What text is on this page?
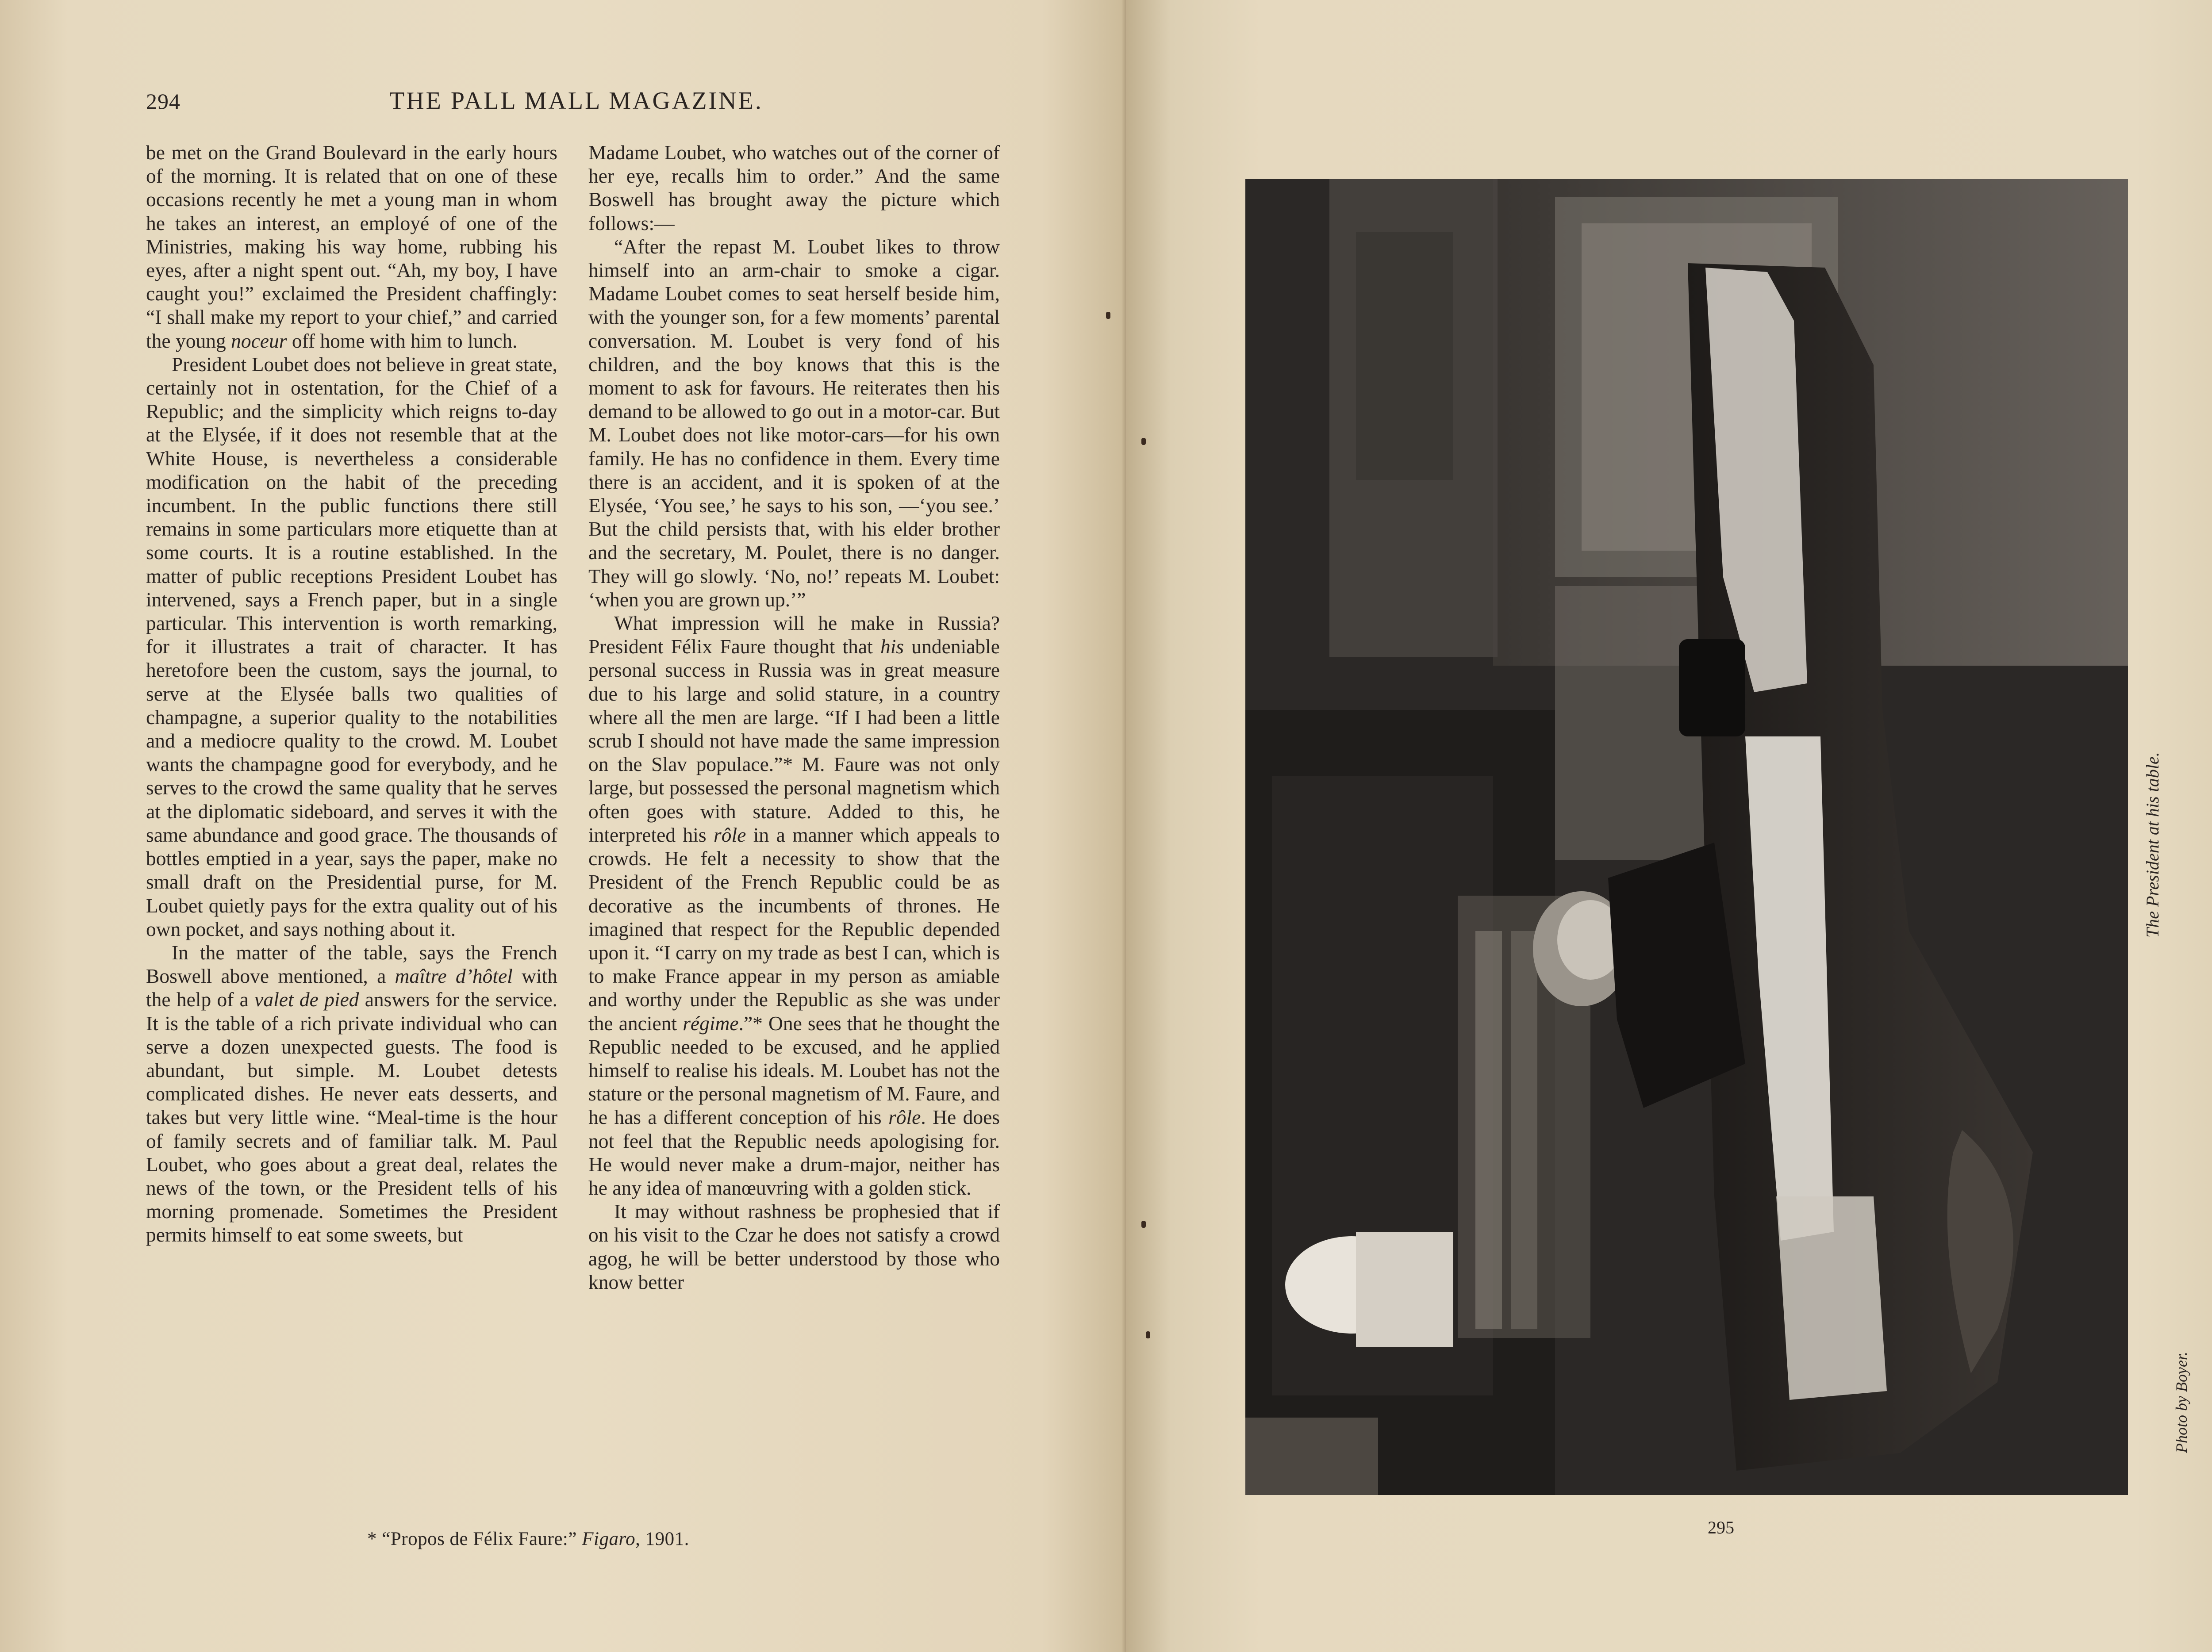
294	THE PALL MALL MAGAZINE.

be met on the Grand Boulevard in the early hours of the morning. It is related that on one of these occasions recently he met a young man in whom he takes an interest, an employé of one of the Ministries, making his way home, rubbing his eyes, after a night spent out. “Ah, my boy, I have caught you!” exclaimed the President chaffingly: “I shall make my report to your chief,” and carried the young noceur off home with him to lunch.

President Loubet does not believe in great state, certainly not in ostentation, for the Chief of a Republic; and the simplicity which reigns to-day at the Elysée, if it does not resemble that at the White House, is nevertheless a considerable modification on the habit of the preceding incumbent. In the public functions there still remains in some particulars more etiquette than at some courts. It is a routine established. In the matter of public receptions President Loubet has intervened, says a French paper, but in a single particular. This intervention is worth remarking, for it illustrates a trait of character. It has heretofore been the custom, says the journal, to serve at the Elysée balls two qualities of champagne, a superior quality to the notabilities and a mediocre quality to the crowd. M. Loubet wants the champagne good for everybody, and he serves to the crowd the same quality that he serves at the diplomatic sideboard, and serves it with the same abundance and good grace. The thousands of bottles emptied in a year, says the paper, make no small draft on the Presidential purse, for M. Loubet quietly pays for the extra quality out of his own pocket, and says nothing about it.

In the matter of the table, says the French Boswell above mentioned, a maître d’hôtel with the help of a valet de pied answers for the service. It is the table of a rich private individual who can serve a dozen unexpected guests. The food is abundant, but simple. M. Loubet detests complicated dishes. He never eats desserts, and takes but very little wine. “Meal-time is the hour of family secrets and of familiar talk. M. Paul Loubet, who goes about a great deal, relates the news of the town, or the President tells of his morning promenade. Sometimes the President permits himself to eat some sweets, but

Madame Loubet, who watches out of the corner of her eye, recalls him to order.” And the same Boswell has brought away the picture which follows:—

“After the repast M. Loubet likes to throw himself into an arm-chair to smoke a cigar. Madame Loubet comes to seat herself beside him, with the younger son, for a few moments’ parental conversation. M. Loubet is very fond of his children, and the boy knows that this is the moment to ask for favours. He reiterates then his demand to be allowed to go out in a motor-car. But M. Loubet does not like motor-cars—for his own family. He has no confidence in them. Every time there is an accident, and it is spoken of at the Elysée, ‘You see,’ he says to his son, —‘you see.’ But the child persists that, with his elder brother and the secretary, M. Poulet, there is no danger. They will go slowly. ‘No, no!’ repeats M. Loubet: ‘when you are grown up.’”

What impression will he make in Russia? President Félix Faure thought that his undeniable personal success in Russia was in great measure due to his large and solid stature, in a country where all the men are large. “If I had been a little scrub I should not have made the same impression on the Slav populace.”* M. Faure was not only large, but possessed the personal magnetism which often goes with stature. Added to this, he interpreted his rôle in a manner which appeals to crowds. He felt a necessity to show that the President of the French Republic could be as decorative as the incumbents of thrones. He imagined that respect for the Republic depended upon it. “I carry on my trade as best I can, which is to make France appear in my person as amiable and worthy under the Republic as she was under the ancient régime.”* One sees that he thought the Republic needed to be excused, and he applied himself to realise his ideals. M. Loubet has not the stature or the personal magnetism of M. Faure, and he has a different conception of his rôle. He does not feel that the Republic needs apologising for. He would never make a drum-major, neither has he any idea of manœuvring with a golden stick.

It may without rashness be prophesied that if on his visit to the Czar he does not satisfy a crowd agog, he will be better understood by those who know better

* “Propos de Félix Faure:” Figaro, 1901.
The President at his table.
Photo by Boyer.
295
